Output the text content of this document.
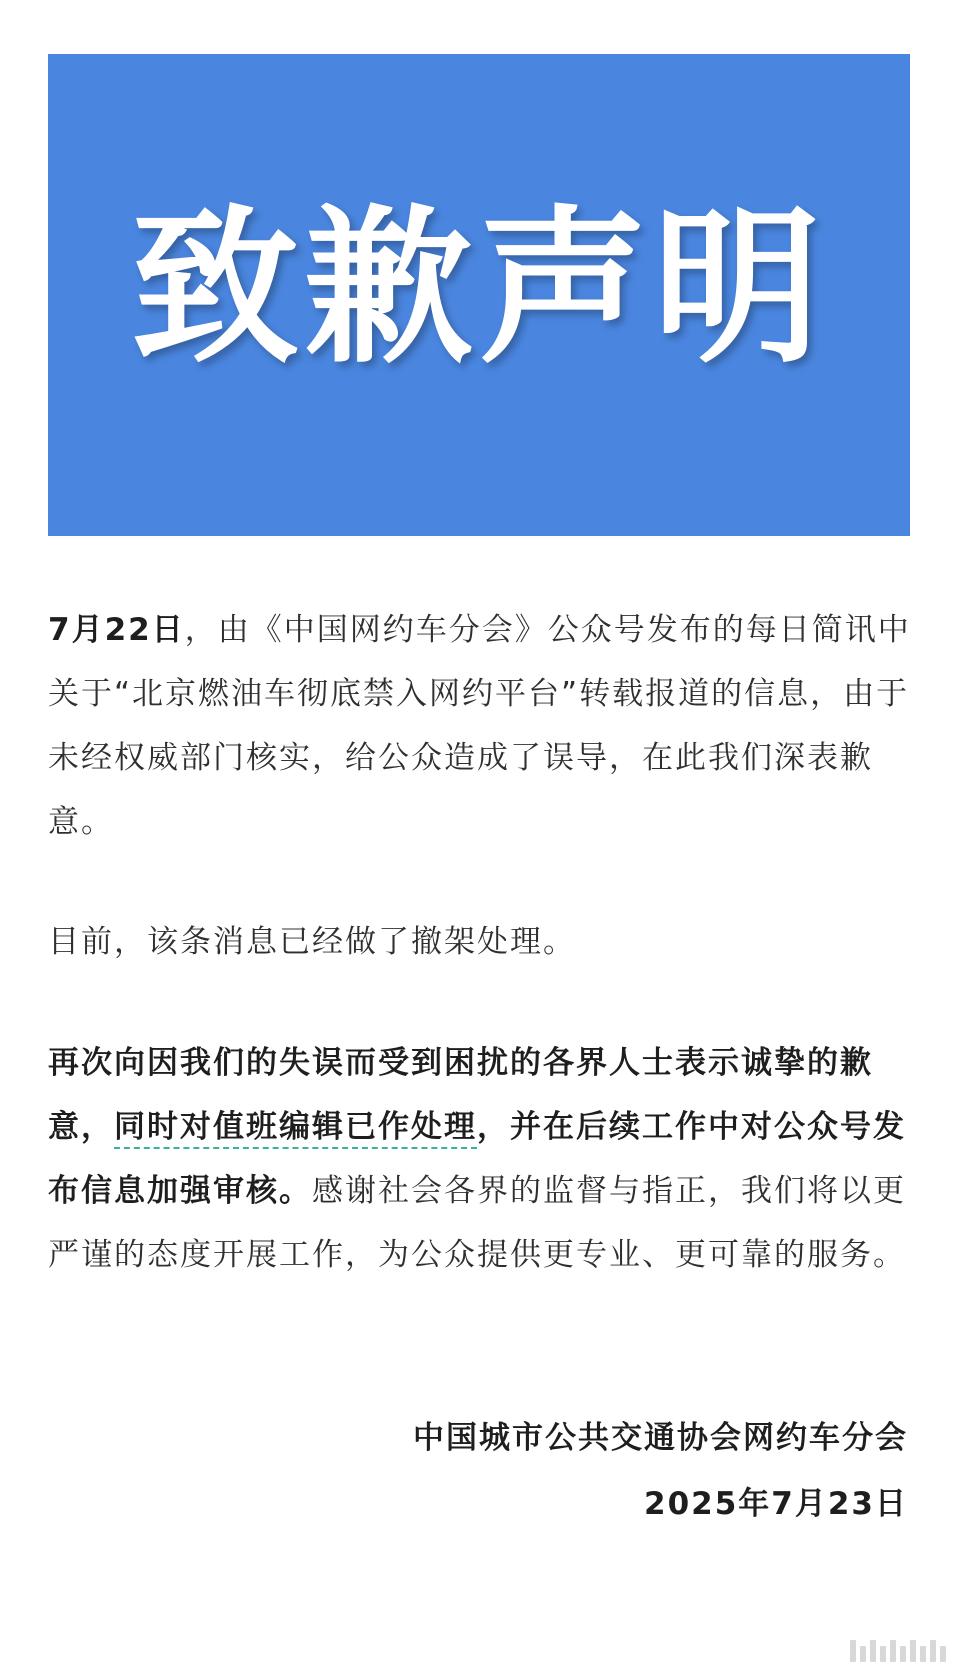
致歉声明
7月22日，由《中国网约车分会》公众号发布的每日简讯中关于“北京燃油车彻底禁入网约平台”转载报道的信息，由于未经权威部门核实，给公众造成了误导，在此我们深表歉意。
目前，该条消息已经做了撤架处理。
再次向因我们的失误而受到困扰的各界人士表示诚挚的歉意，同时对值班编辑已作处理，并在后续工作中对公众号发布信息加强审核。感谢社会各界的监督与指正，我们将以更严谨的态度开展工作，为公众提供更专业、更可靠的服务。
中国城市公共交通协会网约车分会
2025年7月23日
